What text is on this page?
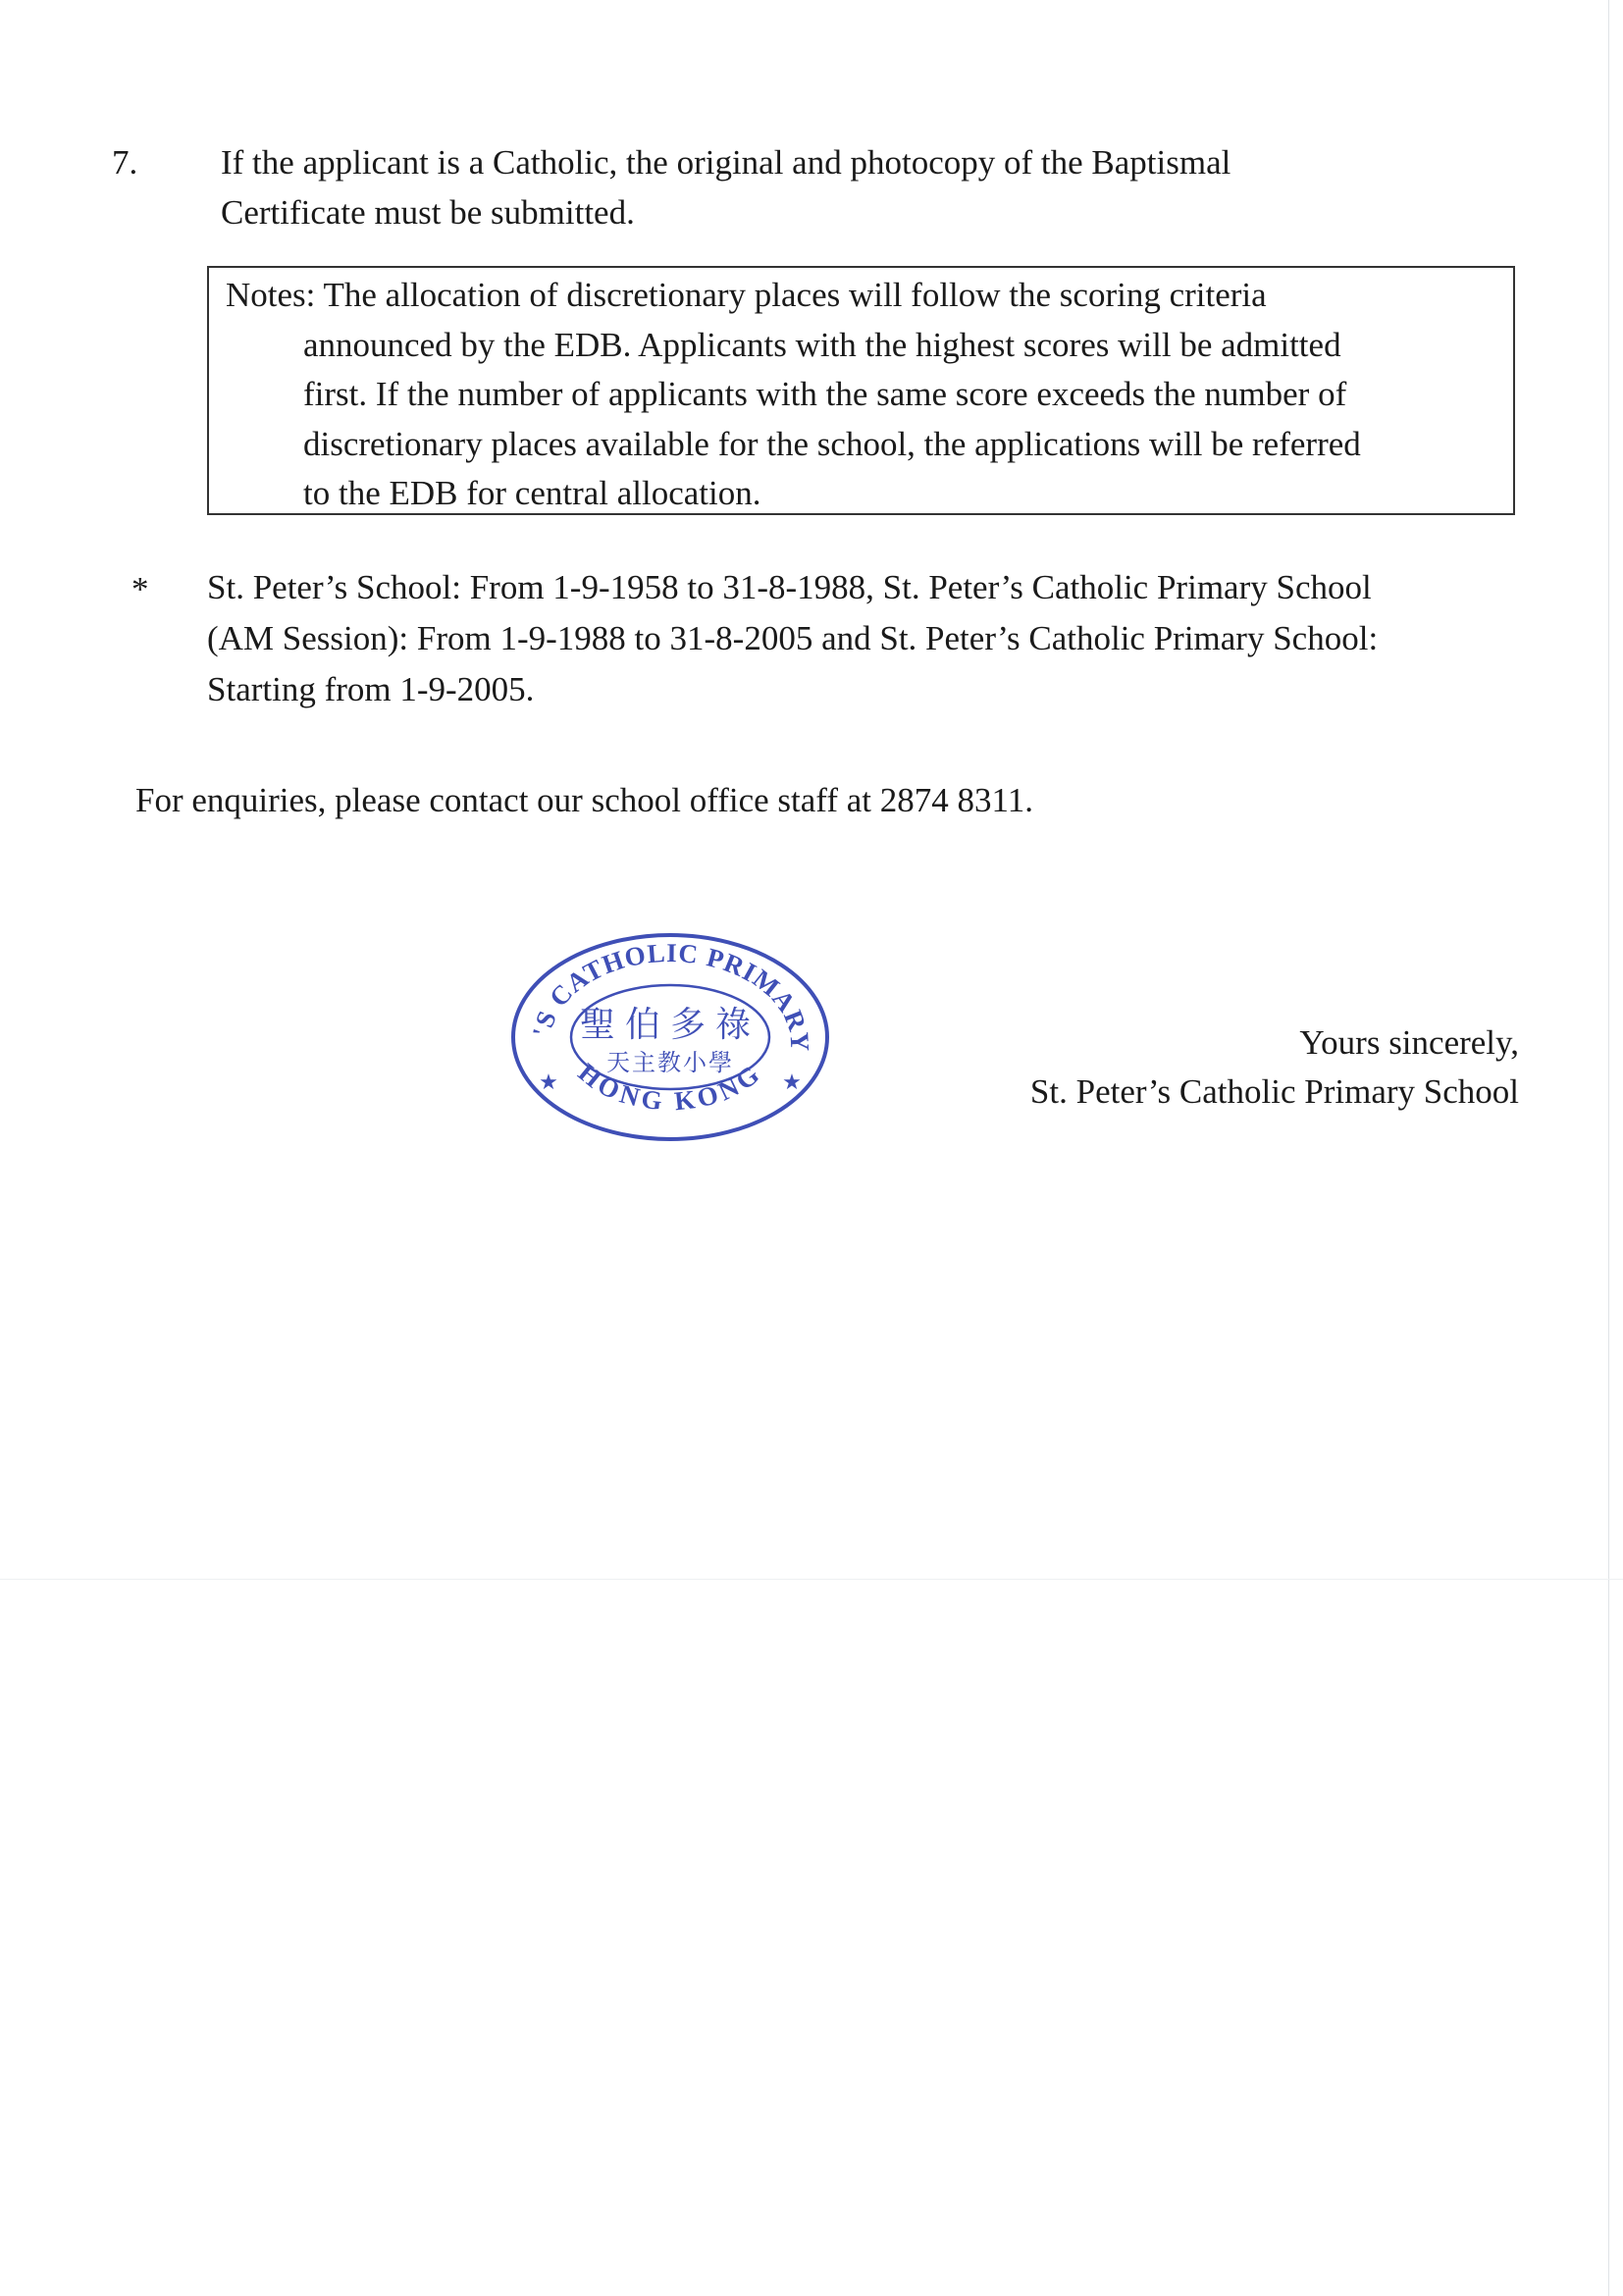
7. If the applicant is a Catholic, the original and photocopy of the Baptismal
Certificate must be submitted.
Notes: The allocation of discretionary places will follow the scoring criteria
announced by the EDB. Applicants with the highest scores will be admitted
first. If the number of applicants with the same score exceeds the number of
discretionary places available for the school, the applications will be referred
to the EDB for central allocation.
* St. Peter’s School: From 1-9-1958 to 31-8-1988, St. Peter’s Catholic Primary School
(AM Session): From 1-9-1988 to 31-8-2005 and St. Peter’s Catholic Primary School:
Starting from 1-9-2005.
For enquiries, please contact our school office staff at 2874 8311.
'S CATHOLIC PRIMARY
HONG KONG
聖伯多祿
天主教小學
★	★
Yours sincerely,
St. Peter’s Catholic Primary School
